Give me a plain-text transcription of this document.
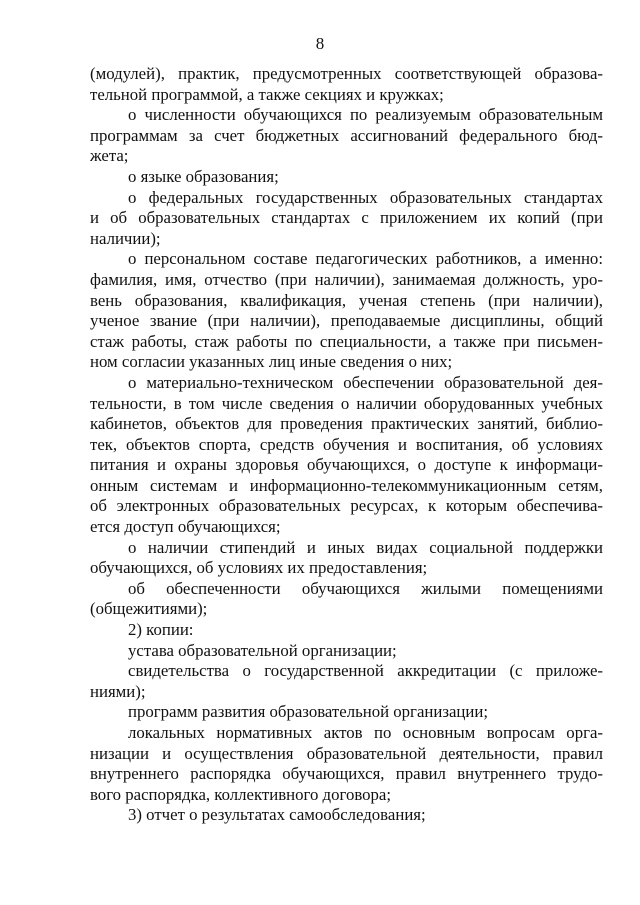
8
(модулей), практик, предусмотренных соответствующей образова-
тельной программой, а также секциях и кружках;
о численности обучающихся по реализуемым образовательным
программам за счет бюджетных ассигнований федерального бюд-
жета;
о языке образования;
о федеральных государственных образовательных стандартах
и об образовательных стандартах с приложением их копий (при
наличии);
о персональном составе педагогических работников, а именно:
фамилия, имя, отчество (при наличии), занимаемая должность, уро-
вень образования, квалификация, ученая степень (при наличии),
ученое звание (при наличии), преподаваемые дисциплины, общий
стаж работы, стаж работы по специальности, а также при письмен-
ном согласии указанных лиц иные сведения о них;
о материально-техническом обеспечении образовательной дея-
тельности, в том числе сведения о наличии оборудованных учебных
кабинетов, объектов для проведения практических занятий, библио-
тек, объектов спорта, средств обучения и воспитания, об условиях
питания и охраны здоровья обучающихся, о доступе к информаци-
онным системам и информационно-телекоммуникационным сетям,
об электронных образовательных ресурсах, к которым обеспечива-
ется доступ обучающихся;
о наличии стипендий и иных видах социальной поддержки
обучающихся, об условиях их предоставления;
об обеспеченности обучающихся жилыми помещениями
(общежитиями);
2) копии:
устава образовательной организации;
свидетельства о государственной аккредитации (с приложе-
ниями);
программ развития образовательной организации;
локальных нормативных актов по основным вопросам орга-
низации и осуществления образовательной деятельности, правил
внутреннего распорядка обучающихся, правил внутреннего трудо-
вого распорядка, коллективного договора;
3) отчет о результатах самообследования;
